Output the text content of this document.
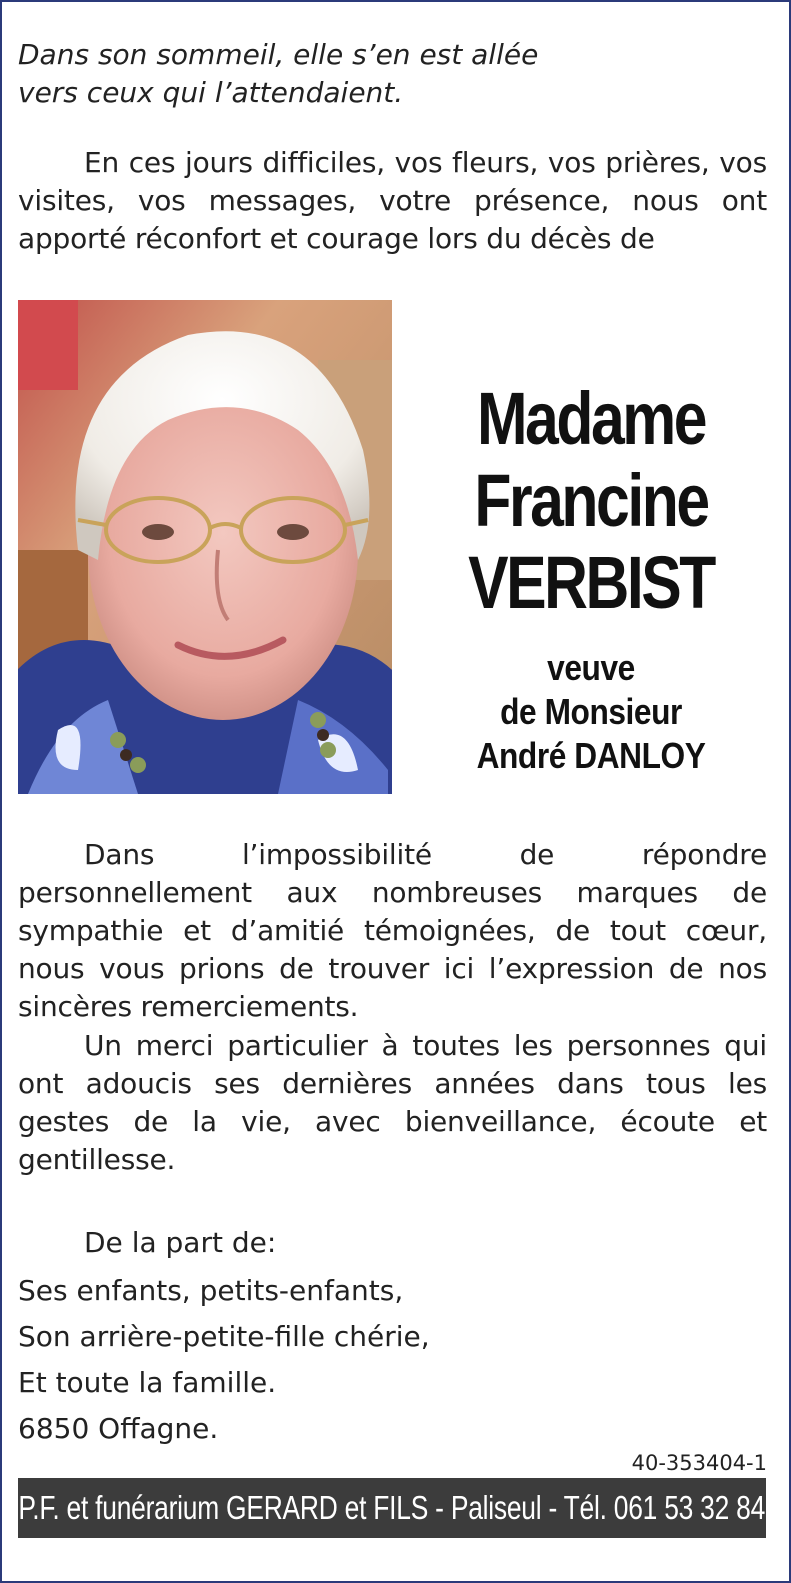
Dans son sommeil, elle s’en est allée
vers ceux qui l’attendaient.

En ces jours difficiles, vos fleurs, vos prières, vos visites, vos messages, votre présence, nous ont apporté réconfort et courage lors du décès de

Madame
Francine
VERBIST
veuve
de Monsieur
André DANLOY

Dans l’impossibilité de répondre personnellement aux nombreuses marques de sympathie et d’amitié témoignées, de tout cœur, nous vous prions de trouver ici l’expression de nos sincères remerciements.

Un merci particulier à toutes les personnes qui ont adoucis ses dernières années dans tous les gestes de la vie, avec bienveillance, écoute et gentillesse.

De la part de:
Ses enfants, petits-enfants,
Son arrière-petite-fille chérie,
Et toute la famille.
6850 Offagne.
40-353404-1
P.F. et funérarium GERARD et FILS - Paliseul - Tél. 061 53 32 84
